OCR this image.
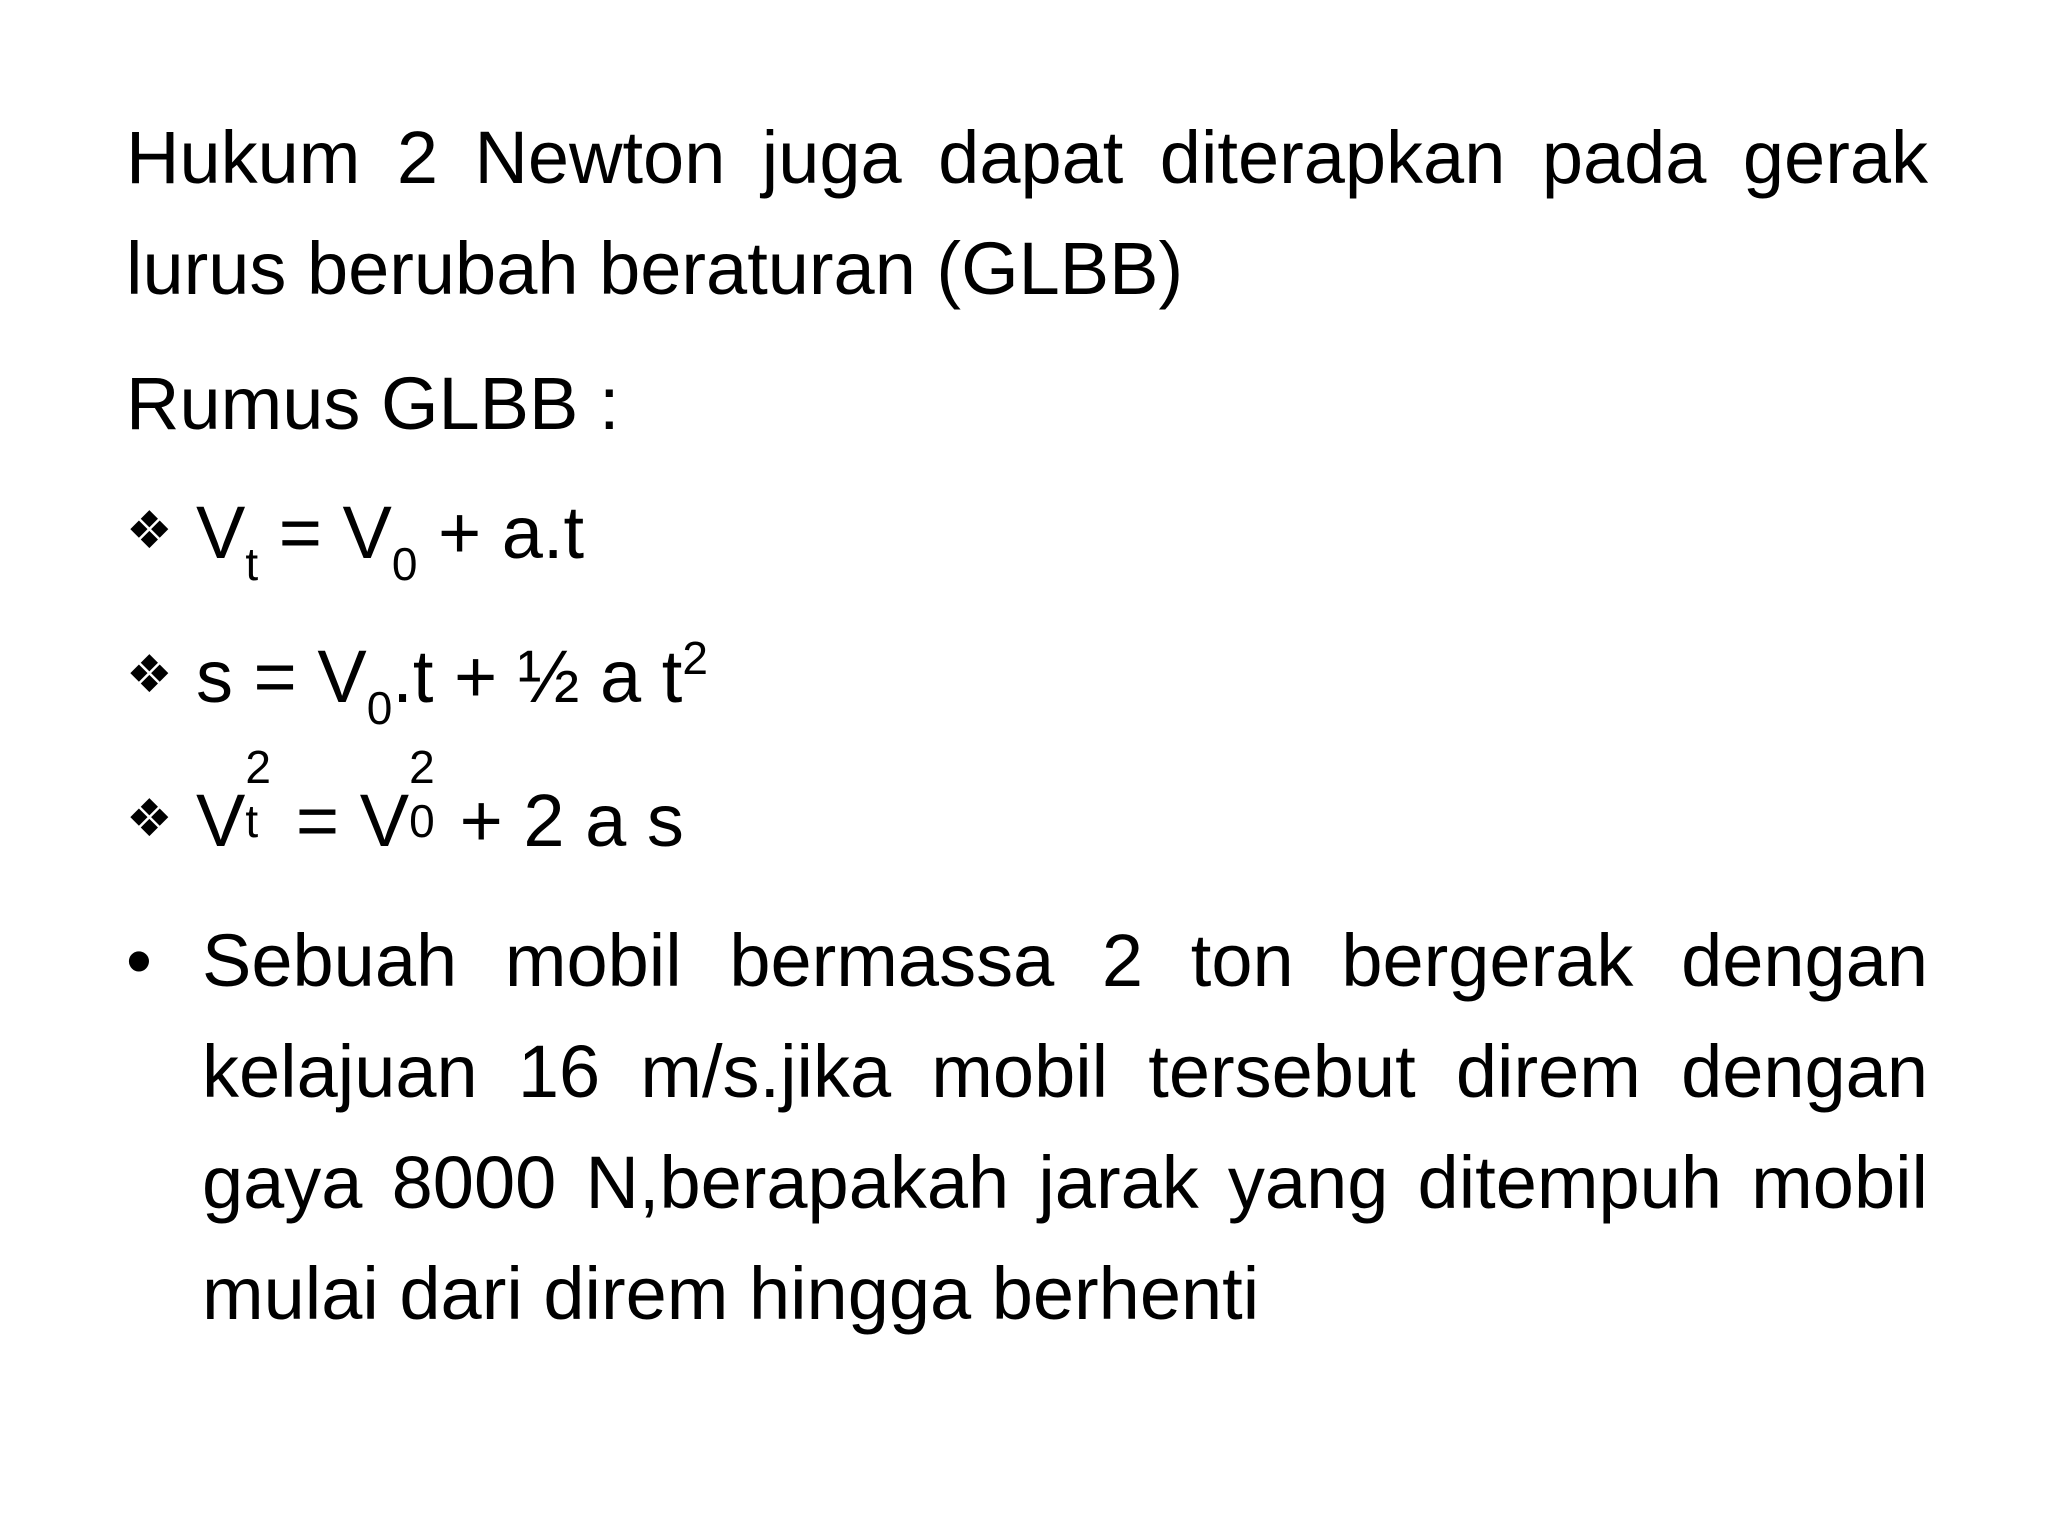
Hukum 2 Newton juga dapat diterapkan pada gerak lurus berubah beraturan (GLBB)
Rumus GLBB :
❖ $V_t = V_0 + a.t$
❖ $s = V_0.t$ + ½ a $t^2$
❖ V
2
t = V
2
0 + 2 a s
• Sebuah mobil bermassa 2 ton bergerak dengan kelajuan 16 m/s.jika mobil tersebut direm dengan gaya 8000 N,berapakah jarak yang ditempuh mobil mulai dari direm hingga berhenti
